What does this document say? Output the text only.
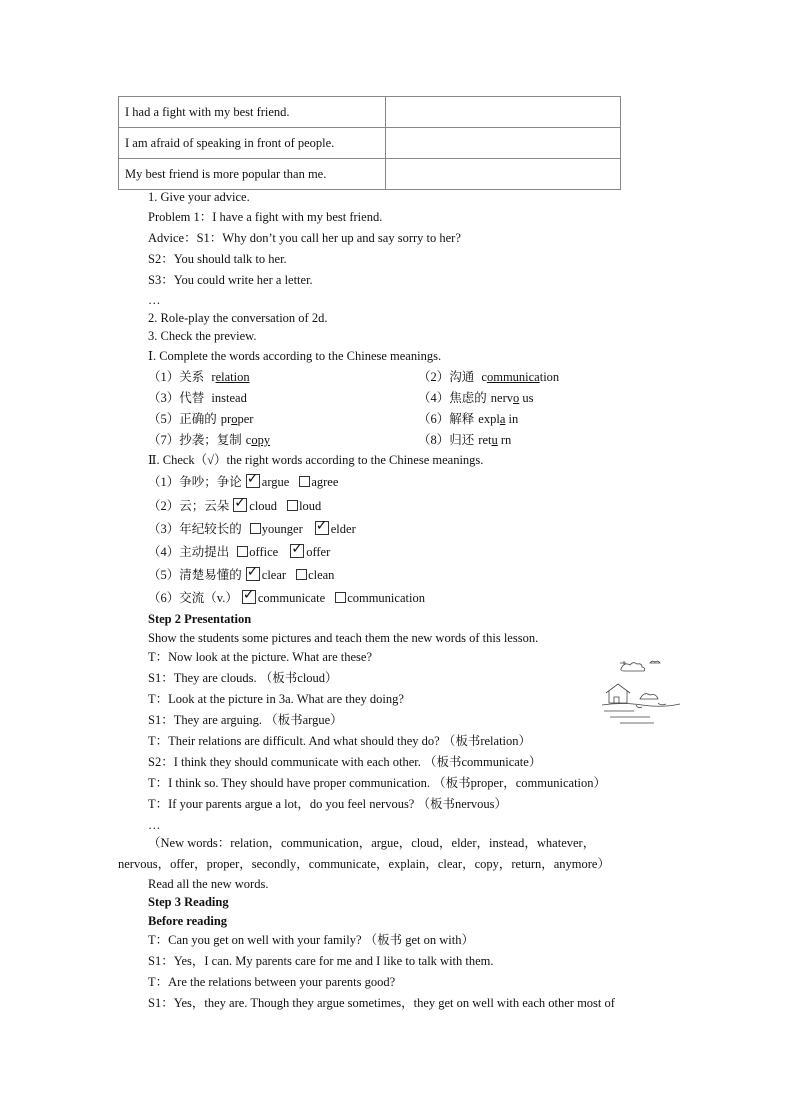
I had a fight with my best friend.	
I am afraid of speaking in front of people.	
My best friend is more popular than me.	
1. Give your advice.
Problem 1：I have a fight with my best friend.
Advice：S1：Why don’t you call her up and say sorry to her?
S2：You should talk to her.
S3：You could write her a letter.
…
2. Role-play the conversation of 2d.
3. Check the preview.
Ⅰ. Complete the words according to the Chinese meanings.
（1）关系 relation	（2）沟通 communication
（3）代替 instead	（4）焦虑的 nervo us
（5）正确的 proper	（6）解释 expla in
（7）抄袭；复制 copy	（8）归还 retu rn
Ⅱ. Check（√）the right words according to the Chinese meanings.
（1）争吵；争论 ✓ argue agree
（2）云；云朵 ✓ cloud loud
（3）年纪较长的 younger ✓ elder
（4）主动提出 office ✓ offer
（5）清楚易懂的 ✓ clear clean
（6）交流（v.） ✓ communicate communication
Step 2 Presentation
Show the students some pictures and teach them the new words of this lesson.
T：Now look at the picture. What are these?
S1：They are clouds. （板书cloud）
T：Look at the picture in 3a. What are they doing?
S1：They are arguing. （板书argue）
T：Their relations are difficult. And what should they do? （板书relation）
S2：I think they should communicate with each other. （板书communicate）
T：I think so. They should have proper communication. （板书proper，communication）
T：If your parents argue a lot，do you feel nervous? （板书nervous）
…
（New words：relation，communication，argue，cloud，elder，instead，whatever，
nervous，offer，proper，secondly，communicate，explain，clear，copy，return，anymore）
Read all the new words.
Step 3 Reading
Before reading
T：Can you get on well with your family? （板书 get on with）
S1：Yes，I can. My parents care for me and I like to talk with them.
T：Are the relations between your parents good?
S1：Yes，they are. Though they argue sometimes，they get on well with each other most of
